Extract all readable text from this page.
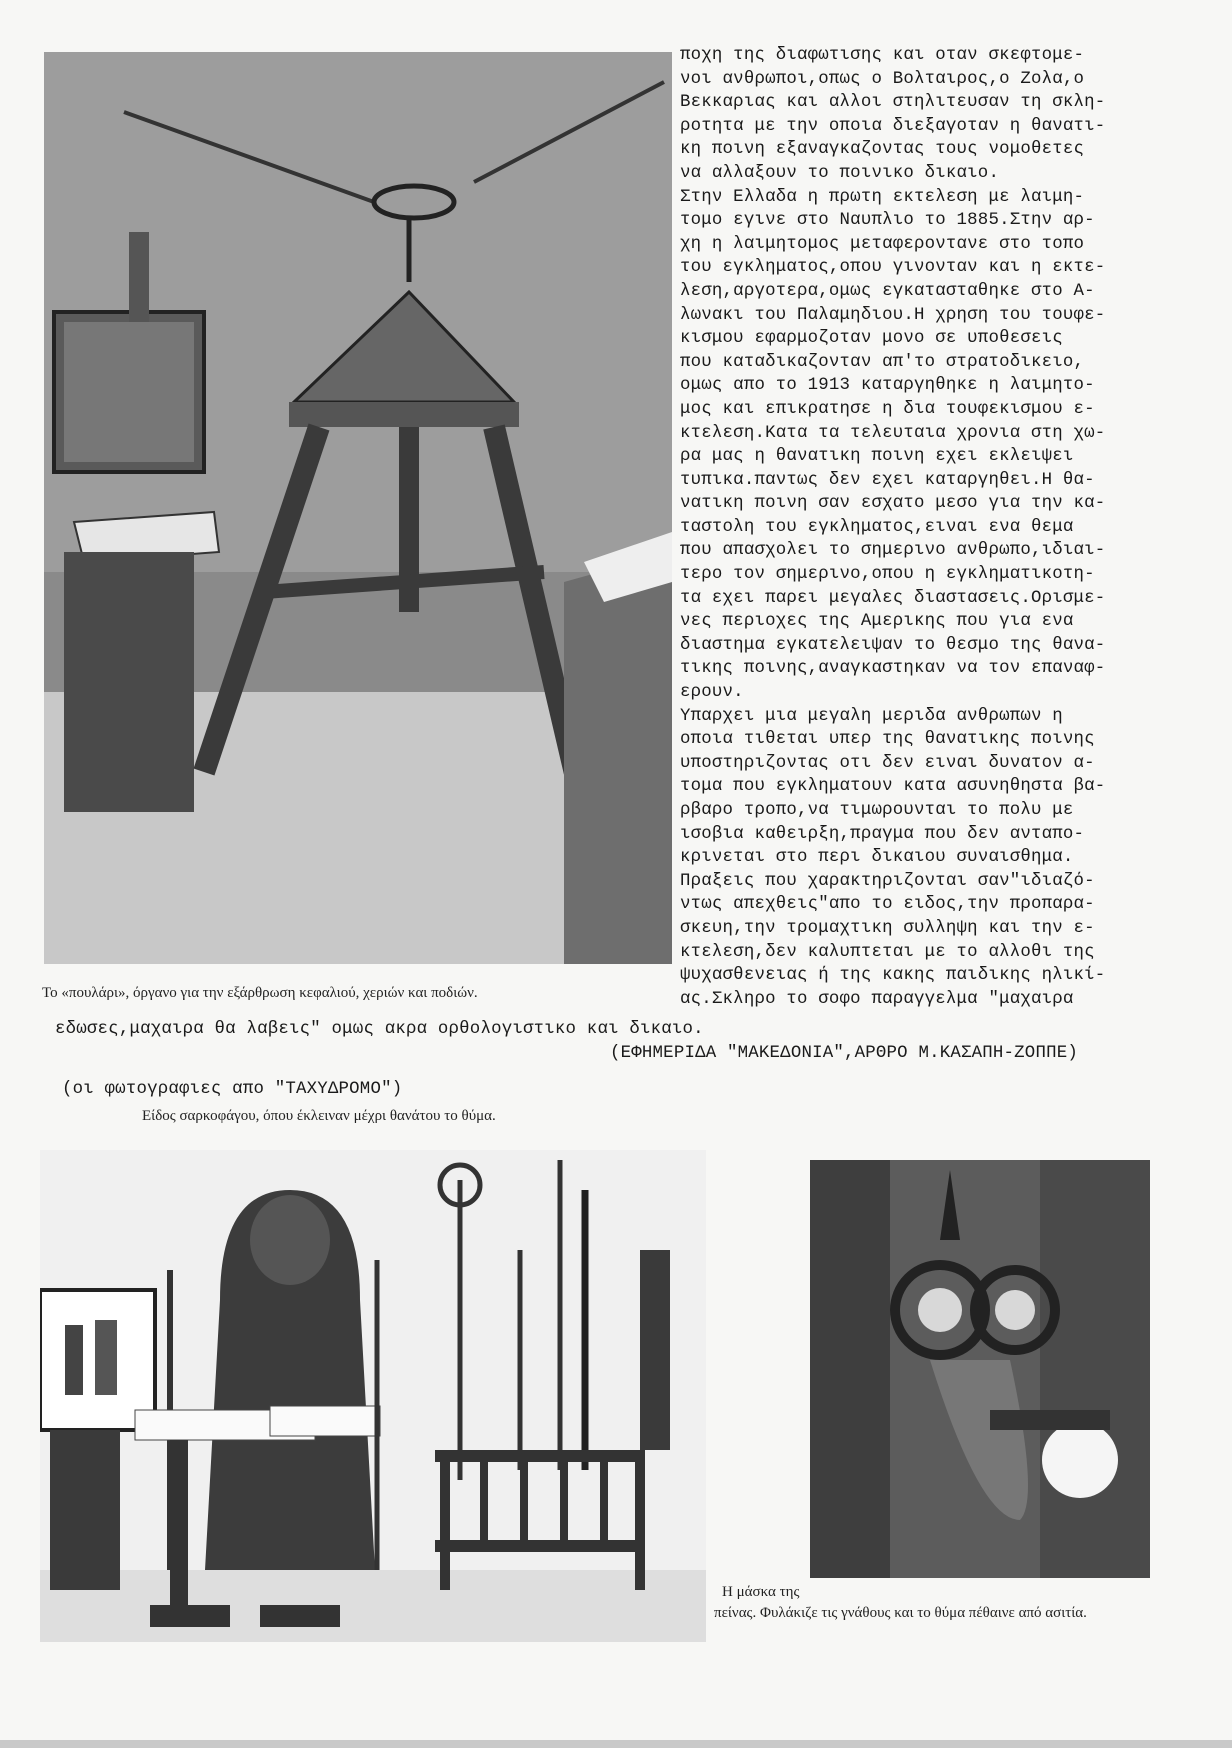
Το «πουλάρι», όργανο για την εξάρθρωση κεφαλιού, χεριών και ποδιών.

ποχη της διαφωτισης και οταν σκεφτομε-
νοι ανθρωποι,οπως ο Βολταιρος,ο Ζολα,ο
Βεκκαριας και αλλοι στηλιτευσαν τη σκλη-
ροτητα με την οποια διεξαγοταν η θανατι-
κη ποινη εξαναγκαζοντας τους νομοθετες
να αλλαξουν το ποινικο δικαιο.

Στην Ελλαδα η πρωτη εκτελεση με λαιμη-
τομο εγινε στο Ναυπλιο το 1885.Στην αρ-
χη η λαιμητομος μεταφεροντανε στο τοπο
του εγκληματος,οπου γινονταν και η εκτε-
λεση,αργοτερα,ομως εγκατασταθηκε στο Α-
λωνακι του Παλαμηδιου.Η χρηση του τουφε-
κισμου εφαρμοζοταν μονο σε υποθεσεις
που καταδικαζονταν απ'το στρατοδικειο,
ομως απο το 1913 καταργηθηκε η λαιμητο-
μος και επικρατησε η δια τουφεκισμου ε-
κτελεση.Κατα τα τελευταια χρονια στη χω-
ρα μας η θανατικη ποινη εχει εκλειψει
τυπικα.παντως δεν εχει καταργηθει.Η θα-
νατικη ποινη σαν εσχατο μεσο για την κα-
ταστολη του εγκληματος,ειναι ενα θεμα
που απασχολει το σημερινο ανθρωπο,ιδιαι-
τερο τον σημερινο,οπου η εγκληματικοτη-
τα εχει παρει μεγαλες διαστασεις.Ορισμε-
νες περιοχες της Αμερικης που για ενα
διαστημα εγκατελειψαν το θεσμο της θανα-
τικης ποινης,αναγκαστηκαν να τον επαναφ-
ερουν.

Υπαρχει μια μεγαλη μεριδα ανθρωπων η
οποια τιθεται υπερ της θανατικης ποινης
υποστηριζοντας οτι δεν ειναι δυνατον α-
τομα που εγκληματουν κατα ασυνηθηστα βα-
ρβαρο τροπο,να τιμωρουνται το πολυ με
ισοβια καθειρξη,πραγμα που δεν ανταπο-
κρινεται στο περι δικαιου συναισθημα.
Πραξεις που χαρακτηριζονται σαν"ιδιαζό-
ντως απεχθεις"απο το ειδος,την προπαρα-
σκευη,την τρομαχτικη συλληψη και την ε-
κτελεση,δεν καλυπτεται με το αλλοθι της
ψυχασθενειας ή της κακης παιδικης ηλικί-
ας.Σκληρο το σοφο παραγγελμα "μαχαιρα

εδωσες,μαχαιρα θα λαβεις" ομως ακρα ορθολογιστικο και δικαιο.
(ΕΦΗΜΕΡΙΔΑ "ΜΑΚΕΔΟΝΙΑ",ΑΡΘΡΟ Μ.ΚΑΣΑΠΗ-ΖΟΠΠΕ)
(οι φωτογραφιες απο "ΤΑΧΥΔΡΟΜΟ")
Είδος σαρκοφάγου, όπου έκλειναν μέχρι θανάτου το θύμα.
Η μάσκα της
πείνας. Φυλάκιζε τις γνάθους και το θύμα πέθαινε από ασιτία.
